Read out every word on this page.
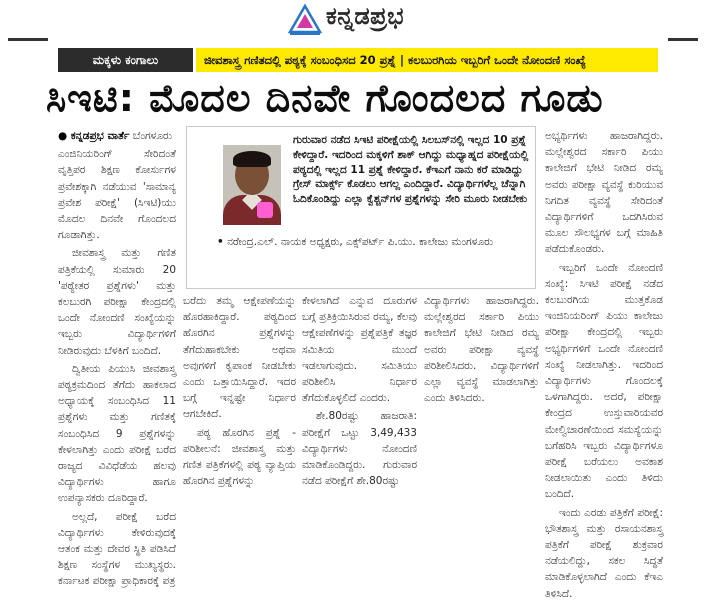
ಕನ್ನಡಪ್ರಭ
ಮಕ್ಕಳು ಕಂಗಾಲು	ಜೀವಶಾಸ್ತ್ರ ಗಣಿತದಲ್ಲಿ ಪಠ್ಯಕ್ಕೆ ಸಂಬಂಧಿಸದ 20 ಪ್ರಶ್ನೆ | ಕಲಬುರಗಿಯ ಇಬ್ಬರಿಗೆ ಒಂದೇ ನೋಂದಣಿ ಸಂಖ್ಯೆ
ಸಿಇಟಿ: ಮೊದಲ ದಿನವೇ ಗೊಂದಲದ ಗೂಡು

● ಕನ್ನಡಪ್ರಭ ವಾರ್ತೆ ಬೆಂಗಳೂರು

ಎಂಜಿನಿಯರಿಂಗ್ ಸೇರಿದಂತೆ ವೃತ್ತಿಪರ ಶಿಕ್ಷಣ ಕೋರ್ಸುಗಳ ಪ್ರವೇಶಕ್ಕಾಗಿ ನಡೆಯುವ 'ಸಾಮಾನ್ಯ ಪ್ರವೇಶ ಪರೀಕ್ಷೆ' (ಸಿಇಟಿ)ಯು ಮೊದಲ ದಿನವೇ ಗೊಂದಲದ ಗೂಡಾಗಿತ್ತು.

ಜೀವಶಾಸ್ತ್ರ ಮತ್ತು ಗಣಿತ ಪತ್ರಿಕೆಯಲ್ಲಿ ಸುಮಾರು 20 'ಪಠ್ಯೇತರ ಪ್ರಶ್ನೆಗಳು' ಮತ್ತು ಕಲಬುರಗಿ ಪರೀಕ್ಷಾ ಕೇಂದ್ರದಲ್ಲಿ ಒಂದೇ ನೋಂದಣಿ ಸಂಖ್ಯೆಯನ್ನು ಇಬ್ಬರು ವಿದ್ಯಾರ್ಥಿಗಳಿಗೆ ನೀಡಿರುವುದು ಬೆಳಕಿಗೆ ಬಂದಿದೆ.

ದ್ವಿತೀಯ ಪಿಯುಸಿ ಜೀವಶಾಸ್ತ್ರ ಪಠ್ಯಕ್ರಮದಿಂದ ತೆಗೆದು ಹಾಕಲಾದ ಅಧ್ಯಾಯಕ್ಕೆ ಸಂಬಂಧಿಸಿದ 11 ಪ್ರಶ್ನೆಗಳು ಮತ್ತು ಗಣಿತಕ್ಕೆ ಸಂಬಂಧಿಸಿದ 9 ಪ್ರಶ್ನೆಗಳನ್ನು ಕೇಳಲಾಗಿತ್ತು ಎಂದು ಪರೀಕ್ಷೆ ಬರೆದ ರಾಜ್ಯದ ವಿವಿಧೆಡೆಯ ಹಲವು ವಿದ್ಯಾರ್ಥಿಗಳು ಹಾಗೂ ಉಪನ್ಯಾಸಕರು ದೂರಿದ್ದಾರೆ.

ಅಲ್ಲದೆ, ಪರೀಕ್ಷೆ ಬರೆದ ವಿದ್ಯಾರ್ಥಿಗಳು ಕೇಳಿರುವುದಕ್ಕೆ ಆತಂಕ ಮತ್ತು ದೇವರ ಸ್ಥಿತಿ ಪಡಿಸಿದೆ ಶಿಕ್ಷಣ ಸಂಸ್ಥೆಗಳ ಮುಖ್ಯಸ್ಥರು. ಕರ್ನಾಟಕ ಪರೀಕ್ಷಾ ಪ್ರಾಧಿಕಾರಕ್ಕೆ ಪತ್ರ

ಗುರುವಾರ ನಡೆದ ಸಿಇಟಿ ಪರೀಕ್ಷೆಯಲ್ಲಿ ಸಿಲಬಸ್‌ನಲ್ಲಿ ಇಲ್ಲದ 10 ಪ್ರಶ್ನೆ ಕೇಳಿದ್ದಾರೆ. ಇದರಿಂದ ಮಕ್ಕಳಿಗೆ ಶಾಕ್ ಆಗಿದ್ದು ಮಧ್ಯಾಹ್ನದ ಪರೀಕ್ಷೆಯಲ್ಲಿ ಪಠ್ಯದಲ್ಲಿ ಇಲ್ಲದ 11 ಪ್ರಶ್ನೆ ಕೇಳಿದ್ದಾರೆ. ಕೆಇಎಗೆ ನಾನು ಕರೆ ಮಾಡಿದ್ದು ಗ್ರೇಸ್ ಮಾರ್ಕ್ಸ್ ಕೊಡಲು ಆಗಲ್ಲ ಎಂದಿದ್ದಾರೆ. ವಿದ್ಯಾರ್ಥಿಗಳೆಲ್ಲ ಚೆನ್ನಾಗಿ ಓದಿಕೊಂಡಿದ್ದು ಎಲ್ಲಾ ಕ್ವೆಶ್ಚನ್‌ಗಳ ಪ್ರಶ್ನೆಗಳನ್ನು ಸೇರಿ ಮೂರು ನೀಡಬೇಕು
• ನರೇಂದ್ರ.ಎಲ್. ನಾಯಕ ಅಧ್ಯಕ್ಷರು, ಎಕ್ಸ್‌ಪರ್ಟ್ ಪಿ.ಯು. ಕಾಲೇಜು ಮಂಗಳೂರು

ಬರೆದು ತಮ್ಮ ಆಕ್ಷೇಪಣೆಯನ್ನು ಹೊರಹಾಕಿದ್ದಾರೆ. ಪಠ್ಯದಿಂದ ಹೊರಗಿನ ಪ್ರಶ್ನೆಗಳನ್ನು ತೆಗೆದುಹಾಕಬೇಕು ಅಥವಾ ಅವುಗಳಿಗೆ ಕೃಪಾಂಕ ನೀಡಬೇಕು ಎಂದು ಒತ್ತಾಯಿಸಿದ್ದಾರೆ. ಇದರ ಬಗ್ಗೆ ಇನ್ನಷ್ಟೇ ನಿರ್ಧಾರ ಆಗಬೇಕಿದೆ.

ಪಠ್ಯ ಹೊರಗಿನ ಪ್ರಶ್ನೆ - ಪರಿಶೀಲನೆ: ಜೀವಶಾಸ್ತ್ರ ಮತ್ತು ಗಣಿತ ಪತ್ರಿಕೆಗಳಲ್ಲಿ ಪಠ್ಯ ವ್ಯಾಪ್ತಿಯ ಹೊರಗಿನ ಪ್ರಶ್ನೆಗಳನ್ನು

ಕೇಳಲಾಗಿದೆ ಎನ್ನುವ ದೂರುಗಳ ಬಗ್ಗೆ ಪ್ರತಿಕ್ರಿಯಿಸಿರುವ ರಮ್ಯ, ಕೆಲವು ಆಕ್ಷೇಪಣೆಗಳನ್ನು ಪ್ರಶ್ನೆಪತ್ರಿಕೆ ತಜ್ಞರ ಸಮಿತಿಯ ಮುಂದೆ ಇಡಲಾಗುವುದು. ಸಮಿತಿಯು ಪರಿಶೀಲಿಸಿ ನಿರ್ಧಾರ ತೆಗೆದುಕೊಳ್ಳಲಿದೆ ಎಂದರು.

ಶೇ.80ರಷ್ಟು ಹಾಜರಾತಿ: ಪರೀಕ್ಷೆಗೆ ಒಟ್ಟು 3,49,433 ವಿದ್ಯಾರ್ಥಿಗಳು ನೋಂದಣಿ ಮಾಡಿಕೊಂಡಿದ್ದರು. ಗುರುವಾರ ನಡೆದ ಪರೀಕ್ಷೆಗೆ ಶೇ.80ರಷ್ಟು

ವಿದ್ಯಾರ್ಥಿಗಳು ಹಾಜರಾಗಿದ್ದರು. ಮಲ್ಲೇಶ್ವರದ ಸರ್ಕಾರಿ ಪಿಯು ಕಾಲೇಜಿಗೆ ಭೇಟಿ ನೀಡಿದ ರಮ್ಯ ಅವರು ಪರೀಕ್ಷಾ ವ್ಯವಸ್ಥೆ ಪರಿಶೀಲಿಸಿದರು. ವಿದ್ಯಾರ್ಥಿಗಳಿಗೆ ಎಲ್ಲಾ ವ್ಯವಸ್ಥೆ ಮಾಡಲಾಗಿತ್ತು ಎಂದು ತಿಳಿಸಿದರು.

ಅಭ್ಯರ್ಥಿಗಳು ಹಾಜರಾಗಿದ್ದರು. ಮಲ್ಲೇಶ್ವರದ ಸರ್ಕಾರಿ ಪಿಯು ಕಾಲೇಜಿಗೆ ಭೇಟಿ ನೀಡಿದ ರಮ್ಯ ಅವರು ಪರೀಕ್ಷಾ ವ್ಯವಸ್ಥೆ ಕುರಿಯುವ ನಿಗದಿತ ವ್ಯವಸ್ಥೆ ಸೇರಿದಂತೆ ವಿದ್ಯಾರ್ಥಿಗಳಿಗೆ ಒದಗಿಸಿರುವ ಮೂಲ ಸೌಲಭ್ಯಗಳ ಬಗ್ಗೆ ಮಾಹಿತಿ ಪಡೆದುಕೊಂಡರು.

ಇಬ್ಬರಿಗೆ ಒಂದೇ ನೋಂದಣಿ ಸಂಖ್ಯೆ: ಸಿಇಟಿ ಪರೀಕ್ಷೆ ನಡೆದ ಕಲಬುರಗಿಯ ಮುತ್ತಕೊಡ ಇಂಜಿನಿಯರಿಂಗ್ ಪಿಯು ಕಾಲೇಜು ಪರೀಕ್ಷಾ ಕೇಂದ್ರದಲ್ಲಿ ಇಬ್ಬರು ಅಭ್ಯರ್ಥಿಗಳಿಗೆ ಒಂದೇ ನೋಂದಣಿ ಸಂಖ್ಯೆ ನೀಡಲಾಗಿತ್ತು. ಇದರಿಂದ ವಿದ್ಯಾರ್ಥಿಗಳು ಗೊಂದಲಕ್ಕೆ ಒಳಗಾಗಿದ್ದರು. ಅದರೆ, ಪರೀಕ್ಷಾ ಕೇಂದ್ರದ ಉಸ್ತುವಾರಿಯವರ ಮೇಲ್ವಿಚಾರಣೆಯಿಂದ ಸಮಸ್ಯೆಯನ್ನು ಬಗೆಹರಿಸಿ ಇಬ್ಬರು ವಿದ್ಯಾರ್ಥಿಗಳೂ ಪರೀಕ್ಷೆ ಬರೆಯಲು ಅವಕಾಶ ನೀಡಲಾಯಿತು ಎಂದು ತಿಳಿದು ಬಂದಿದೆ.

ಇಂದು ಎರಡು ಪತ್ರಿಕೆಗೆ ಪರೀಕ್ಷೆ: ಭೌತಶಾಸ್ತ್ರ ಮತ್ತು ರಸಾಯನಶಾಸ್ತ್ರ ಪತ್ರಿಕೆಗೆ ಪರೀಕ್ಷೆ ಶುಕ್ರವಾರ ನಡೆಯಲಿದ್ದು, ಸಕಲ ಸಿದ್ಧತೆ ಮಾಡಿಕೊಳ್ಳಲಾಗಿದೆ ಎಂದು ಕೆಇಎ ತಿಳಿಸಿದೆ.
